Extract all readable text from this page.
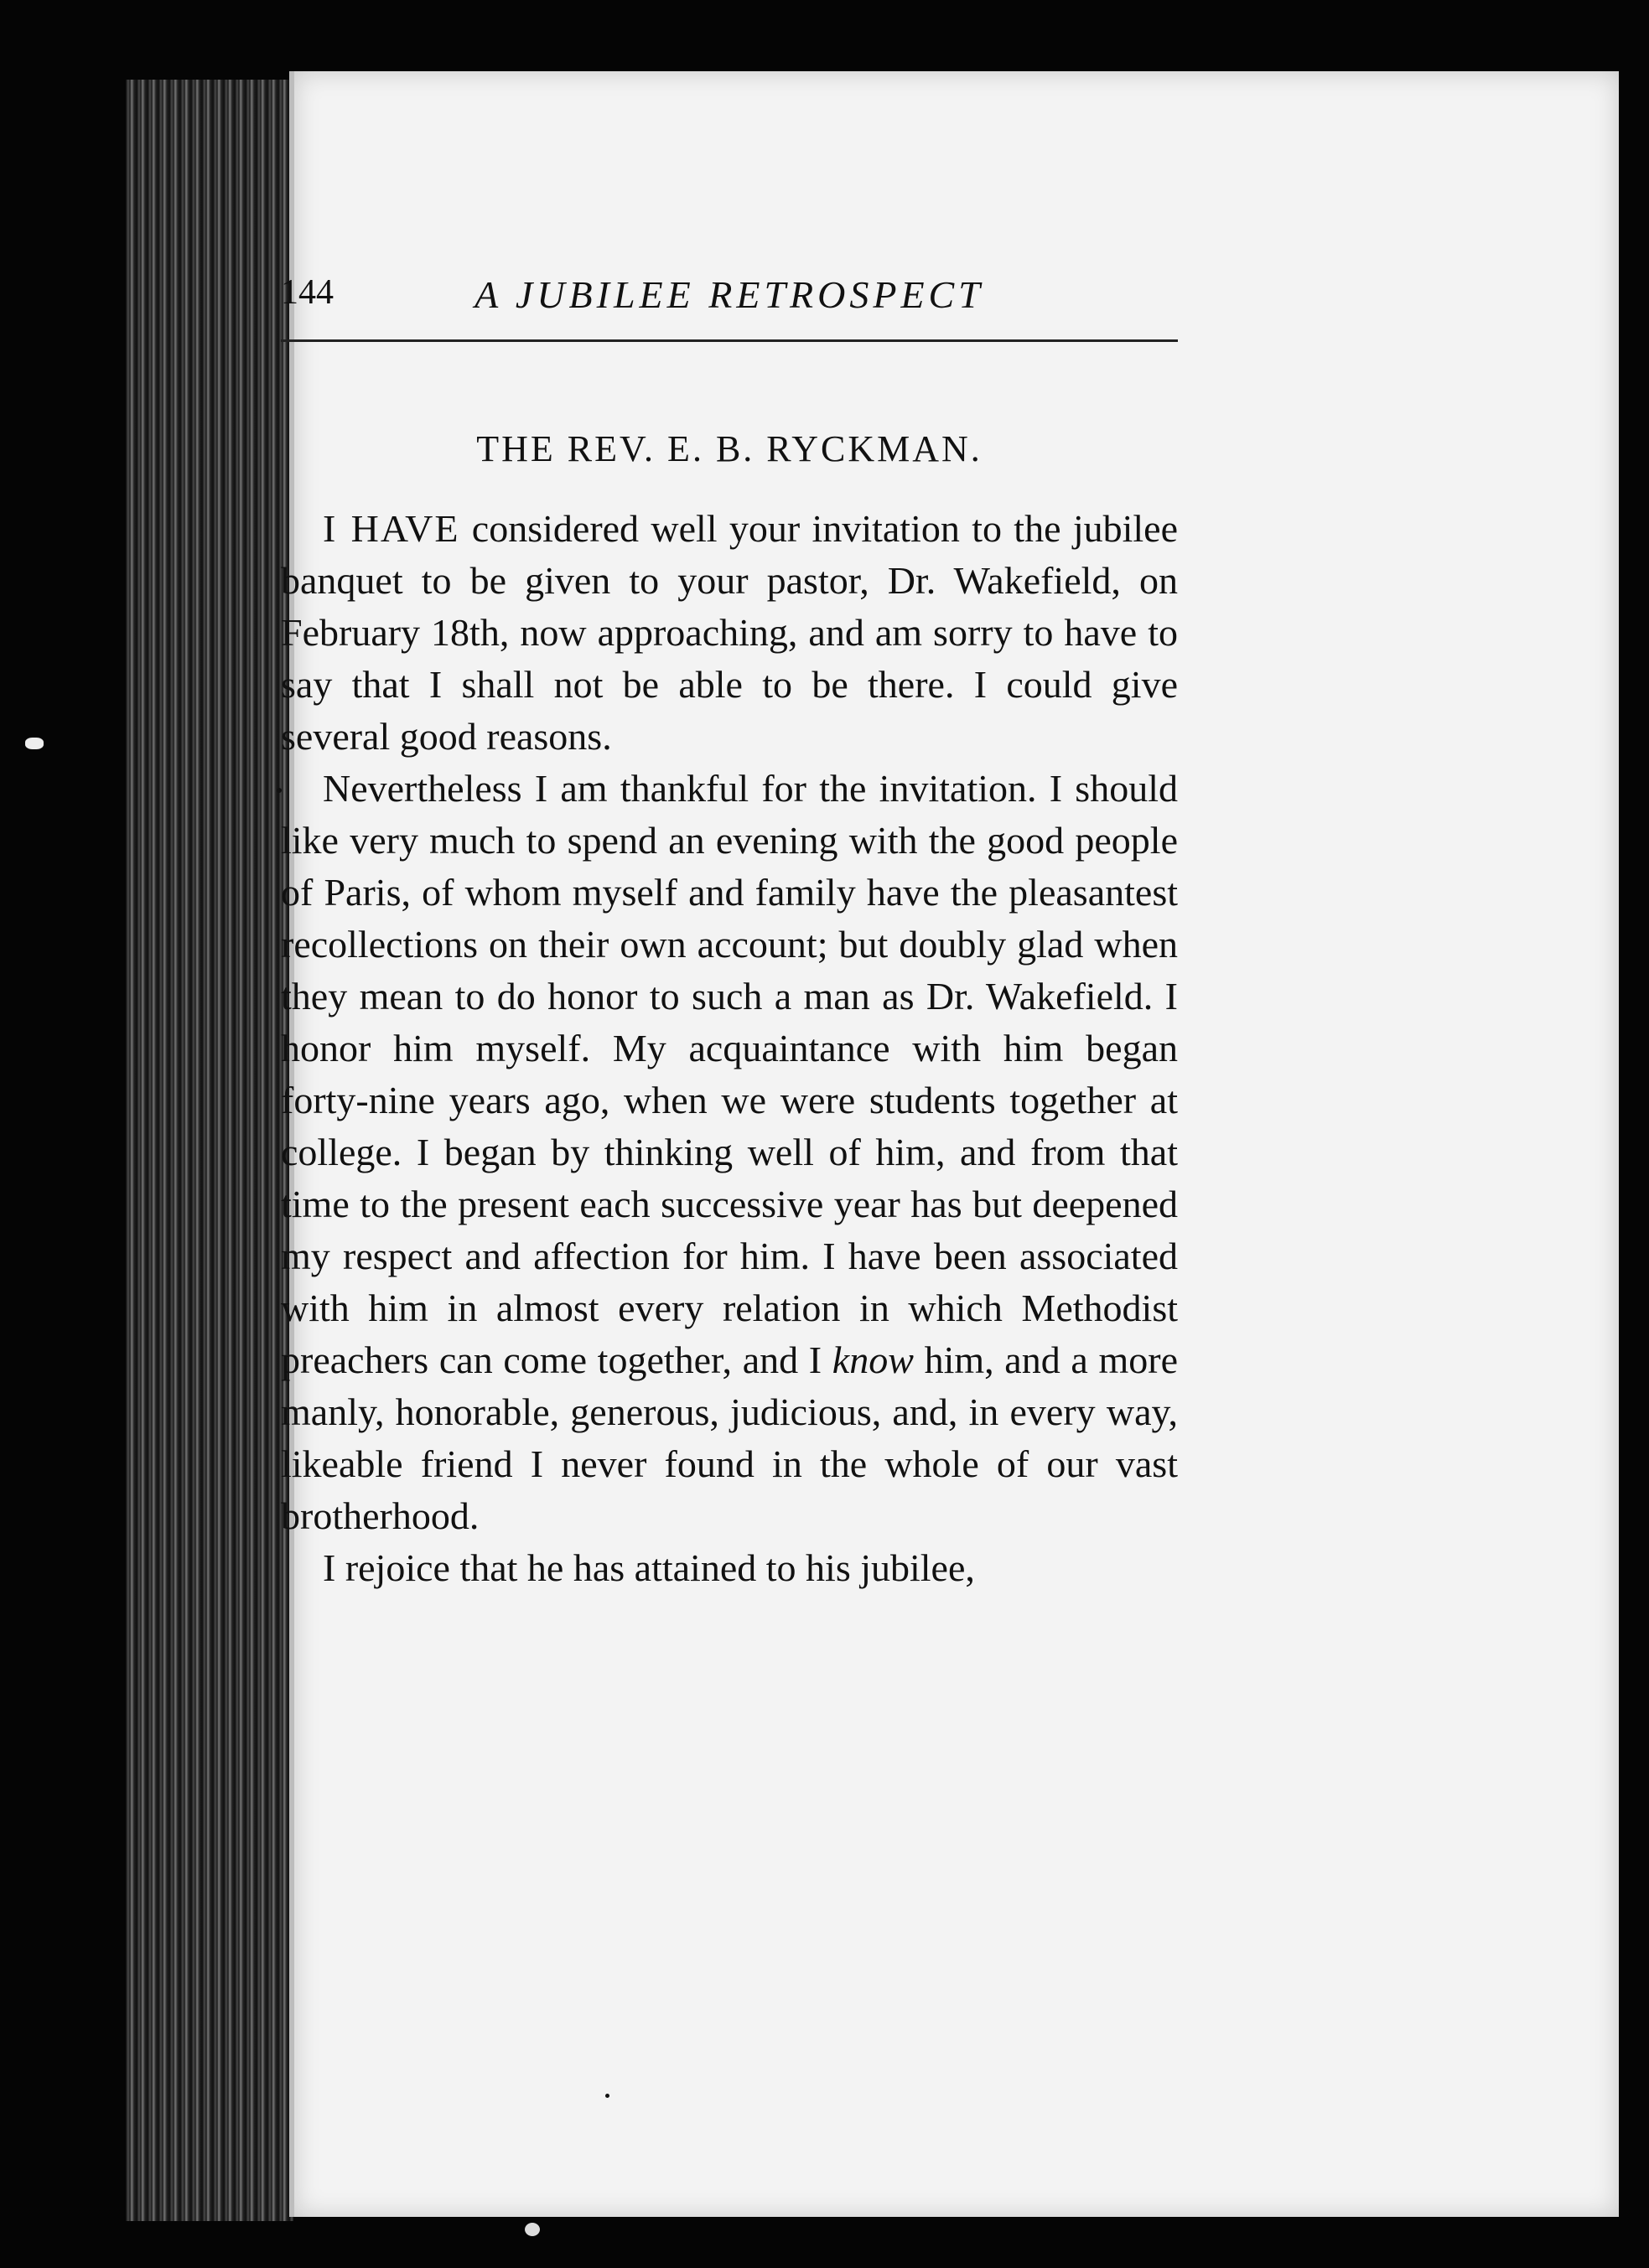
144	A JUBILEE RETROSPECT
THE REV. E. B. RYCKMAN.

I HAVE considered well your invitation to the jubilee banquet to be given to your pastor, Dr. Wakefield, on February 18th, now approaching, and am sorry to have to say that I shall not be able to be there. I could give several good reasons.

Nevertheless I am thankful for the invitation. I should like very much to spend an evening with the good people of Paris, of whom myself and family have the pleasantest recollections on their own account; but doubly glad when they mean to do honor to such a man as Dr. Wakefield. I honor him myself. My acquaintance with him began forty-nine years ago, when we were students together at college. I began by thinking well of him, and from that time to the present each successive year has but deepened my respect and affection for him. I have been associated with him in almost every relation in which Methodist preachers can come together, and I know him, and a more manly, honorable, generous, judicious, and, in every way, likeable friend I never found in the whole of our vast brotherhood.

I rejoice that he has attained to his jubilee,
